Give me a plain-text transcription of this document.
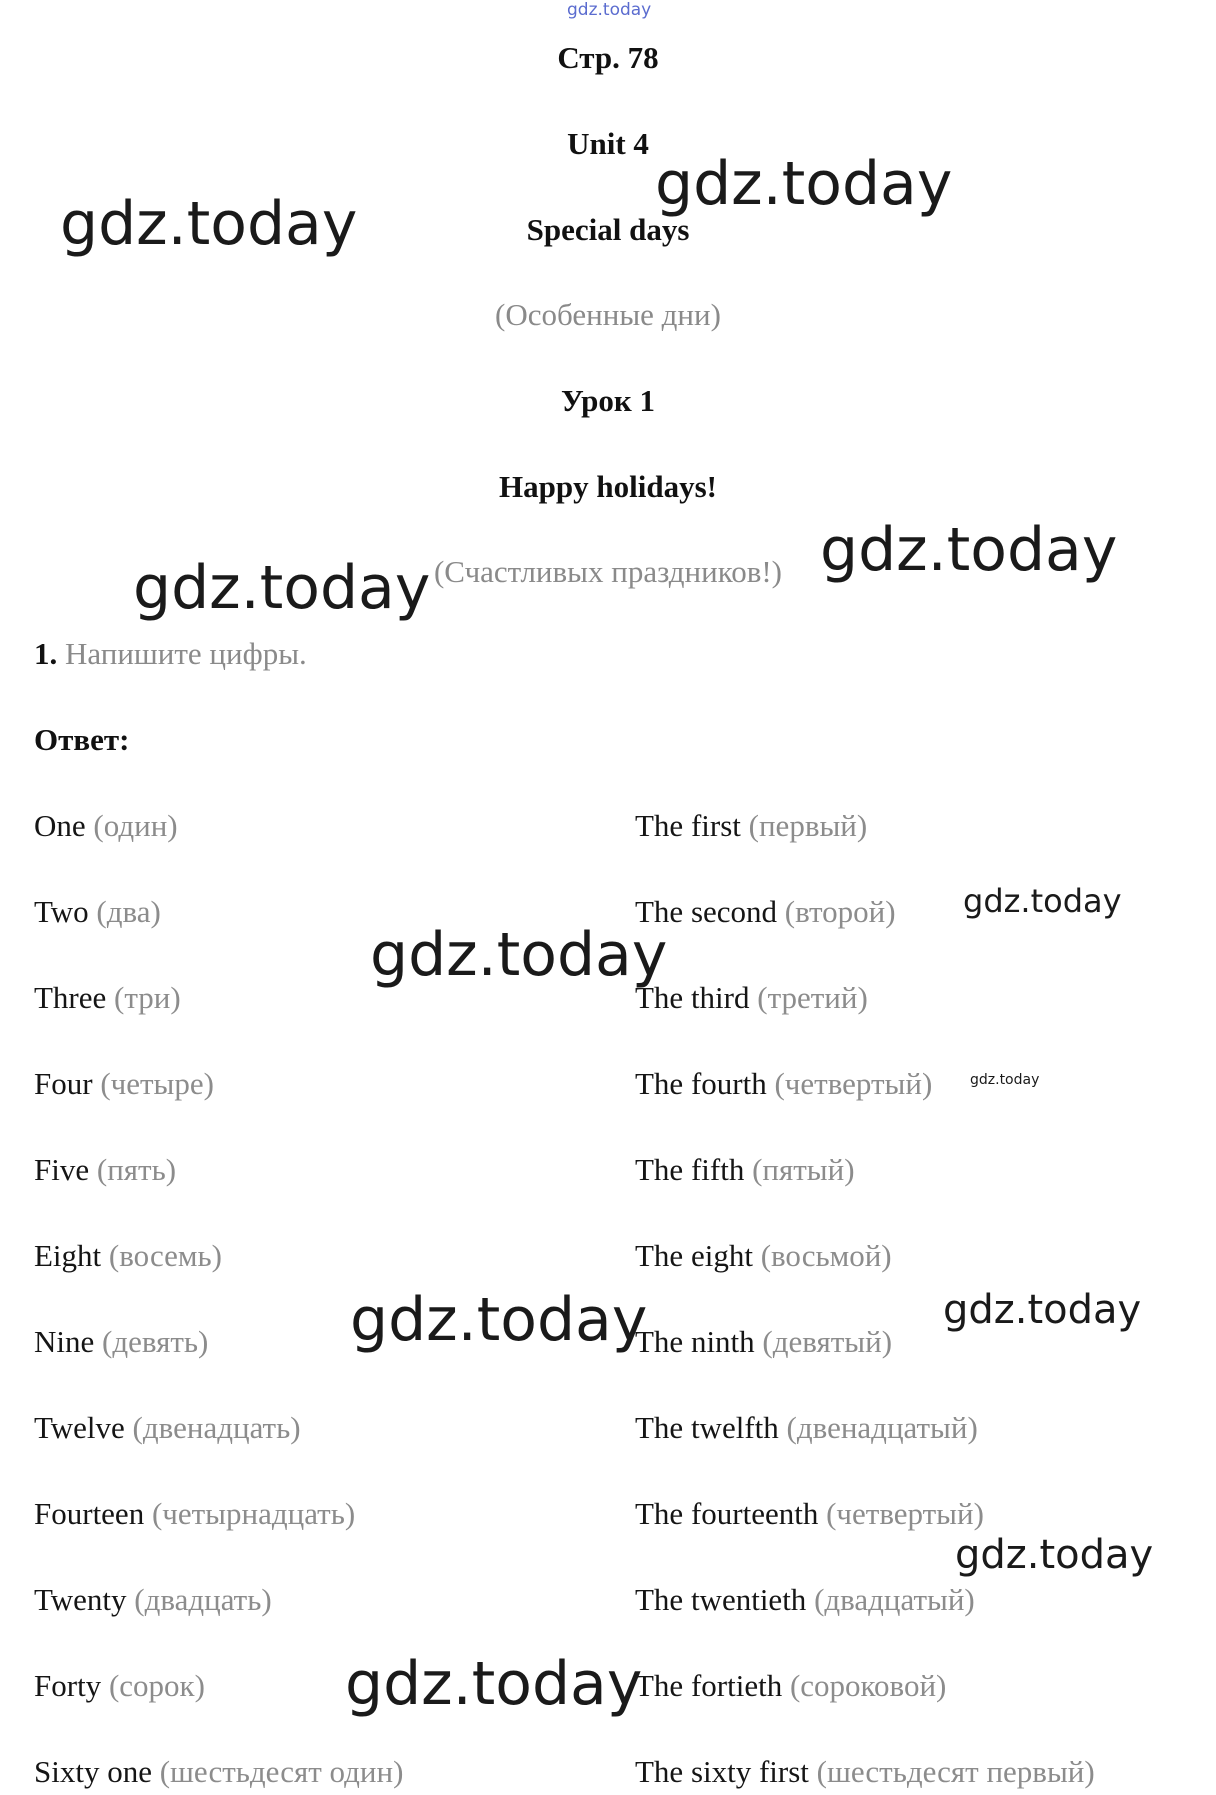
Стр. 78
Unit 4
Special days
(Особенные дни)
Урок 1
Happy holidays!
(Счастливых праздников!)
1. Напишите цифры.
Ответ:
One (один)	The first (первый)
Two (два)	The second (второй)
Three (три)	The third (третий)
Four (четыре)	The fourth (четвертый)
Five (пять)	The fifth (пятый)
Eight (восемь)	The eight (восьмой)
Nine (девять)	The ninth (девятый)
Twelve (двенадцать)	The twelfth (двенадцатый)
Fourteen (четырнадцать)	The fourteenth (четвертый)
Twenty (двадцать)	The twentieth (двадцатый)
Forty (сорок)	The fortieth (сороковой)
Sixty one (шестьдесят один)	The sixty first (шестьдесят первый)
gdz.today
gdz.today
gdz.today
gdz.today
gdz.today
gdz.today
gdz.today
gdz.today
gdz.today	gdz.today
gdz.today
gdz.today
